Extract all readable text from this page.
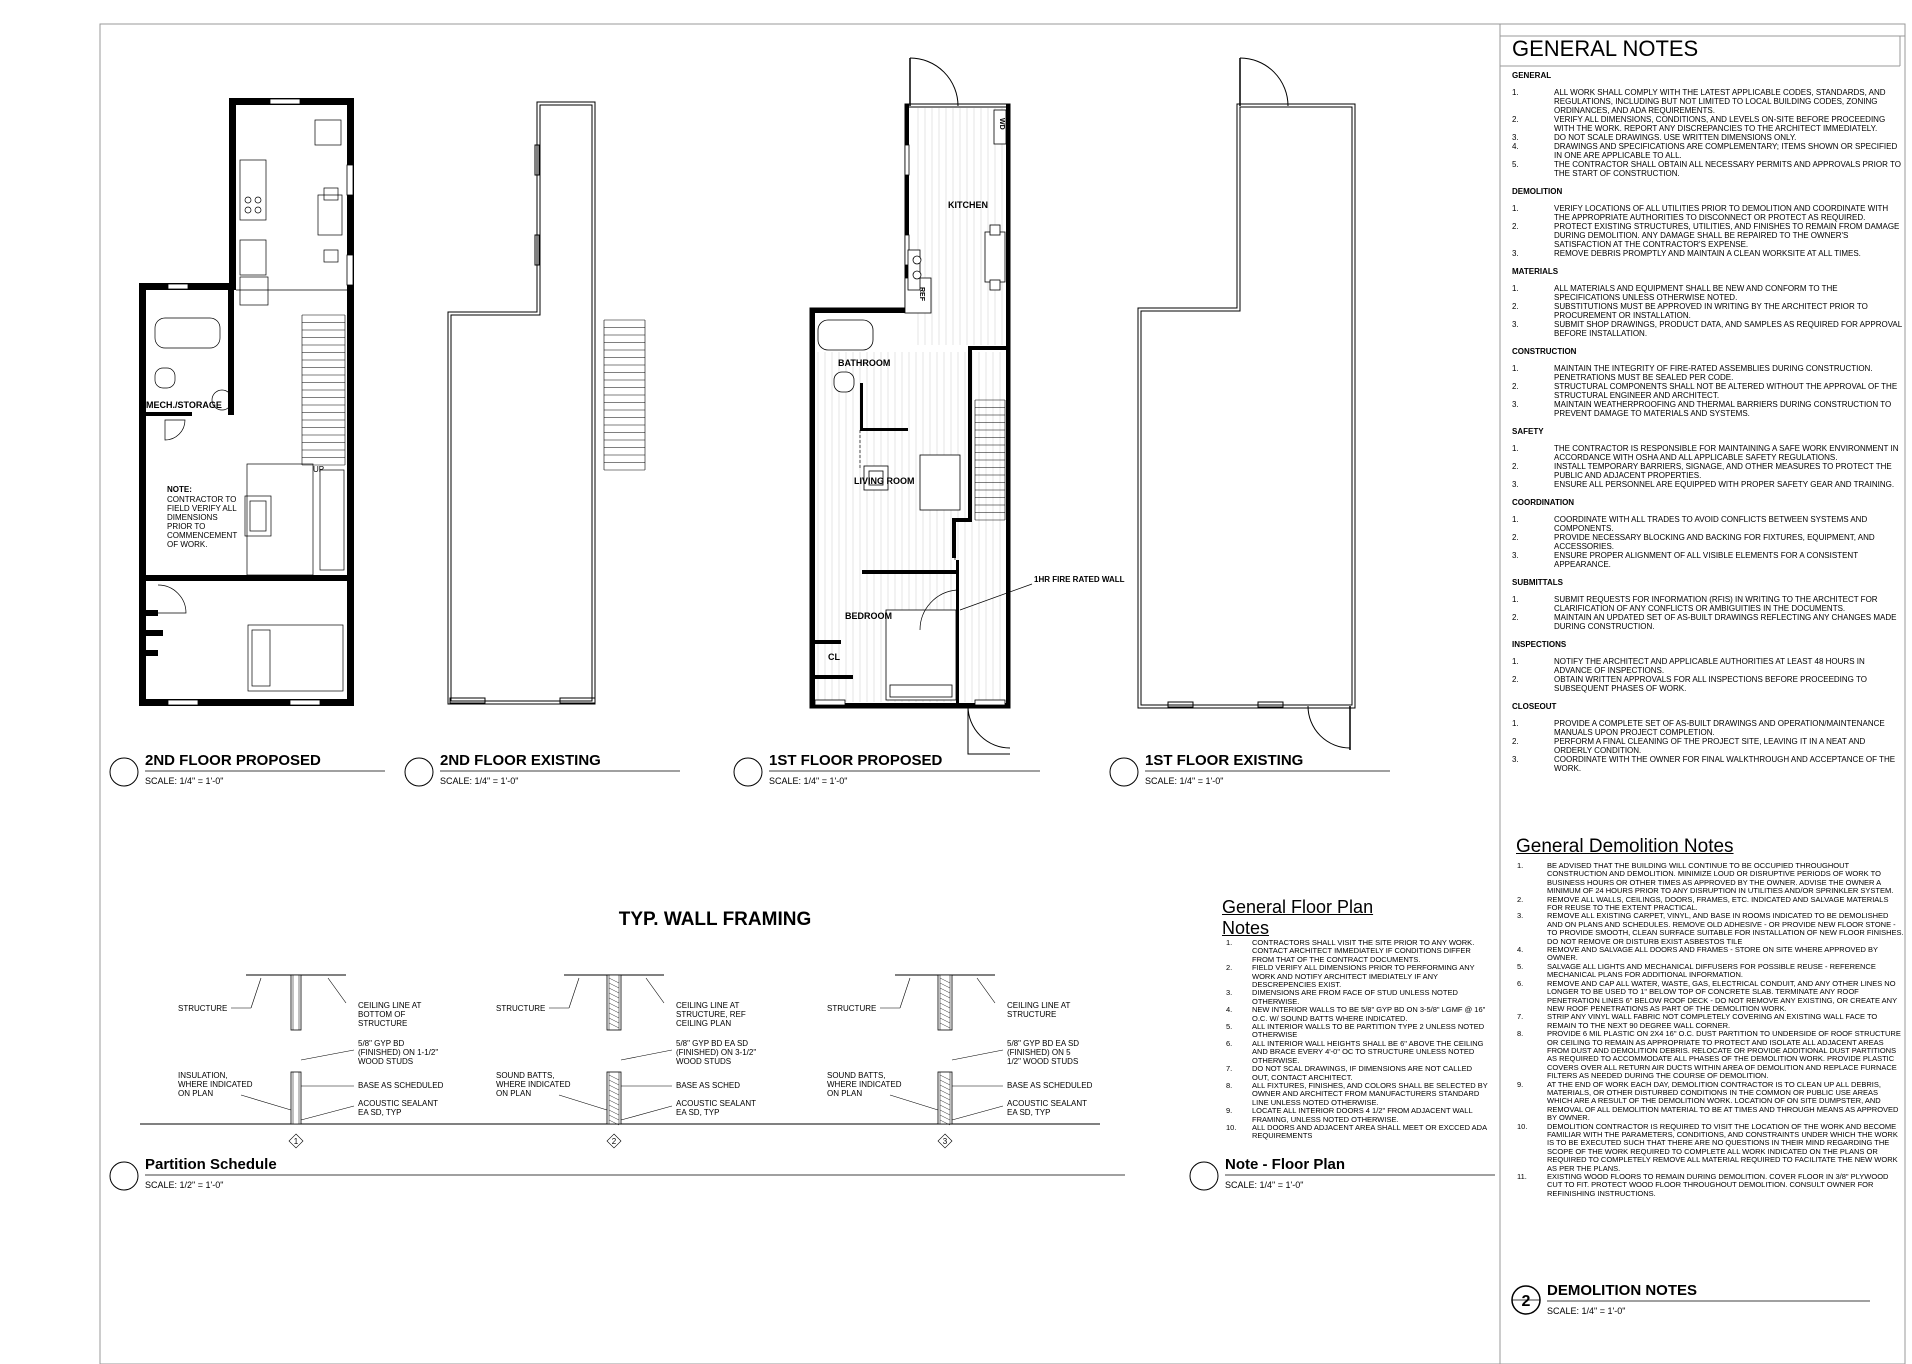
MECH./STORAGE
UP
NOTE:
CONTRACTOR TO
FIELD VERIFY ALL
DIMENSIONS
PRIOR TO
COMMENCEMENT
OF WORK.
KITCHEN
WD
REF
BATHROOM
LIVING ROOM
BEDROOM
CL
1HR FIRE RATED WALL
2ND FLOOR PROPOSED
SCALE: 1/4" = 1'-0"
2ND FLOOR EXISTING
SCALE: 1/4" = 1'-0"
1ST FLOOR PROPOSED
SCALE: 1/4" = 1'-0"
1ST FLOOR EXISTING
SCALE: 1/4" = 1'-0"
TYP. WALL FRAMING
1
STRUCTURE	CEILING LINE AT
BOTTOM OF
STRUCTURE
5/8" GYP BD
(FINISHED) ON 1-1/2"
WOOD STUDS
INSULATION,
WHERE INDICATED
ON PLAN
BASE AS SCHEDULED
ACOUSTIC SEALANT
EA SD, TYP
2
STRUCTURE	CEILING LINE AT
STRUCTURE, REF
CEILING PLAN
5/8" GYP BD EA SD
(FINISHED) ON 3-1/2"
WOOD STUDS
SOUND BATTS,
WHERE INDICATED
ON PLAN
BASE AS SCHED
ACOUSTIC SEALANT
EA SD, TYP
3
STRUCTURE	CEILING LINE AT
STRUCTURE
5/8" GYP BD EA SD
(FINISHED) ON 5
1/2" WOOD STUDS
SOUND BATTS,
WHERE INDICATED
ON PLAN
BASE AS SCHEDULED
ACOUSTIC SEALANT
EA SD, TYP
Partition Schedule
SCALE: 1/2" = 1'-0"
Note - Floor Plan
SCALE: 1/4" = 1'-0"
2
DEMOLITION NOTES
SCALE: 1/4" = 1'-0"
GENERAL NOTES
GENERAL
1.	ALL WORK SHALL COMPLY WITH THE LATEST APPLICABLE CODES, STANDARDS, AND REGULATIONS, INCLUDING BUT NOT LIMITED TO LOCAL BUILDING CODES, ZONING ORDINANCES, AND ADA REQUIREMENTS.
2.	VERIFY ALL DIMENSIONS, CONDITIONS, AND LEVELS ON-SITE BEFORE PROCEEDING WITH THE WORK. REPORT ANY DISCREPANCIES TO THE ARCHITECT IMMEDIATELY.
3.	DO NOT SCALE DRAWINGS. USE WRITTEN DIMENSIONS ONLY.
4.	DRAWINGS AND SPECIFICATIONS ARE COMPLEMENTARY; ITEMS SHOWN OR SPECIFIED IN ONE ARE APPLICABLE TO ALL.
5.	THE CONTRACTOR SHALL OBTAIN ALL NECESSARY PERMITS AND APPROVALS PRIOR TO THE START OF CONSTRUCTION.
DEMOLITION
1.	VERIFY LOCATIONS OF ALL UTILITIES PRIOR TO DEMOLITION AND COORDINATE WITH THE APPROPRIATE AUTHORITIES TO DISCONNECT OR PROTECT AS REQUIRED.
2.	PROTECT EXISTING STRUCTURES, UTILITIES, AND FINISHES TO REMAIN FROM DAMAGE DURING DEMOLITION. ANY DAMAGE SHALL BE REPAIRED TO THE OWNER'S SATISFACTION AT THE CONTRACTOR'S EXPENSE.
3.	REMOVE DEBRIS PROMPTLY AND MAINTAIN A CLEAN WORKSITE AT ALL TIMES.
MATERIALS
1.	ALL MATERIALS AND EQUIPMENT SHALL BE NEW AND CONFORM TO THE SPECIFICATIONS UNLESS OTHERWISE NOTED.
2.	SUBSTITUTIONS MUST BE APPROVED IN WRITING BY THE ARCHITECT PRIOR TO PROCUREMENT OR INSTALLATION.
3.	SUBMIT SHOP DRAWINGS, PRODUCT DATA, AND SAMPLES AS REQUIRED FOR APPROVAL BEFORE INSTALLATION.
CONSTRUCTION
1.	MAINTAIN THE INTEGRITY OF FIRE-RATED ASSEMBLIES DURING CONSTRUCTION. PENETRATIONS MUST BE SEALED PER CODE.
2.	STRUCTURAL COMPONENTS SHALL NOT BE ALTERED WITHOUT THE APPROVAL OF THE STRUCTURAL ENGINEER AND ARCHITECT.
3.	MAINTAIN WEATHERPROOFING AND THERMAL BARRIERS DURING CONSTRUCTION TO PREVENT DAMAGE TO MATERIALS AND SYSTEMS.
SAFETY
1.	THE CONTRACTOR IS RESPONSIBLE FOR MAINTAINING A SAFE WORK ENVIRONMENT IN ACCORDANCE WITH OSHA AND ALL APPLICABLE SAFETY REGULATIONS.
2.	INSTALL TEMPORARY BARRIERS, SIGNAGE, AND OTHER MEASURES TO PROTECT THE PUBLIC AND ADJACENT PROPERTIES.
3.	ENSURE ALL PERSONNEL ARE EQUIPPED WITH PROPER SAFETY GEAR AND TRAINING.
COORDINATION
1.	COORDINATE WITH ALL TRADES TO AVOID CONFLICTS BETWEEN SYSTEMS AND COMPONENTS.
2.	PROVIDE NECESSARY BLOCKING AND BACKING FOR FIXTURES, EQUIPMENT, AND ACCESSORIES.
3.	ENSURE PROPER ALIGNMENT OF ALL VISIBLE ELEMENTS FOR A CONSISTENT APPEARANCE.
SUBMITTALS
1.	SUBMIT REQUESTS FOR INFORMATION (RFIS) IN WRITING TO THE ARCHITECT FOR CLARIFICATION OF ANY CONFLICTS OR AMBIGUITIES IN THE DOCUMENTS.
2.	MAINTAIN AN UPDATED SET OF AS-BUILT DRAWINGS REFLECTING ANY CHANGES MADE DURING CONSTRUCTION.
INSPECTIONS
1.	NOTIFY THE ARCHITECT AND APPLICABLE AUTHORITIES AT LEAST 48 HOURS IN ADVANCE OF INSPECTIONS.
2.	OBTAIN WRITTEN APPROVALS FOR ALL INSPECTIONS BEFORE PROCEEDING TO SUBSEQUENT PHASES OF WORK.
CLOSEOUT
1.	PROVIDE A COMPLETE SET OF AS-BUILT DRAWINGS AND OPERATION/MAINTENANCE MANUALS UPON PROJECT COMPLETION.
2.	PERFORM A FINAL CLEANING OF THE PROJECT SITE, LEAVING IT IN A NEAT AND ORDERLY CONDITION.
3.	COORDINATE WITH THE OWNER FOR FINAL WALKTHROUGH AND ACCEPTANCE OF THE WORK.
General Demolition Notes
1.	BE ADVISED THAT THE BUILDING WILL CONTINUE TO BE OCCUPIED THROUGHOUT CONSTRUCTION AND DEMOLITION. MINIMIZE LOUD OR DISRUPTIVE PERIODS OF WORK TO BUSINESS HOURS OR OTHER TIMES AS APPROVED BY THE OWNER. ADVISE THE OWNER A MINIMUM OF 24 HOURS PRIOR TO ANY DISRUPTION IN UTILITIES AND/OR SPRINKLER SYSTEM.
2.	REMOVE ALL WALLS, CEILINGS, DOORS, FRAMES, ETC. INDICATED AND SALVAGE MATERIALS FOR REUSE TO THE EXTENT PRACTICAL.
3.	REMOVE ALL EXISTING CARPET, VINYL, AND BASE IN ROOMS INDICATED TO BE DEMOLISHED AND ON PLANS AND SCHEDULES. REMOVE OLD ADHESIVE - OR PROVIDE NEW FLOOR STONE - TO PROVIDE SMOOTH, CLEAN SURFACE SUITABLE FOR INSTALLATION OF NEW FLOOR FINISHES. DO NOT REMOVE OR DISTURB EXIST ASBESTOS TILE
4.	REMOVE AND SALVAGE ALL DOORS AND FRAMES - STORE ON SITE WHERE APPROVED BY OWNER.
5.	SALVAGE ALL LIGHTS AND MECHANICAL DIFFUSERS FOR POSSIBLE REUSE - REFERENCE MECHANICAL PLANS FOR ADDITIONAL INFORMATION.
6.	REMOVE AND CAP ALL WATER, WASTE, GAS, ELECTRICAL CONDUIT, AND ANY OTHER LINES NO LONGER TO BE USED TO 1" BELOW TOP OF CONCRETE SLAB. TERMINATE ANY ROOF PENETRATION LINES 6" BELOW ROOF DECK - DO NOT REMOVE ANY EXISTING, OR CREATE ANY NEW ROOF PENETRATIONS AS PART OF THE DEMOLITION WORK.
7.	STRIP ANY VINYL WALL FABRIC NOT COMPLETELY COVERING AN EXISTING WALL FACE TO REMAIN TO THE NEXT 90 DEGREE WALL CORNER.
8.	PROVIDE 6 MIL PLASTIC ON 2X4 16" O.C. DUST PARTITION TO UNDERSIDE OF ROOF STRUCTURE OR CEILING TO REMAIN AS APPROPRIATE TO PROTECT AND ISOLATE ALL ADJACENT AREAS FROM DUST AND DEMOLITION DEBRIS. RELOCATE OR PROVIDE ADDITIONAL DUST PARTITIONS AS REQUIRED TO ACCOMMODATE ALL PHASES OF THE DEMOLITION WORK. PROVIDE PLASTIC COVERS OVER ALL RETURN AIR DUCTS WITHIN AREA OF DEMOLITION AND REPLACE FURNACE FILTERS AS NEEDED DURING THE COURSE OF DEMOLITION.
9.	AT THE END OF WORK EACH DAY, DEMOLITION CONTRACTOR IS TO CLEAN UP ALL DEBRIS, MATERIALS, OR OTHER DISTURBED CONDITIONS IN THE COMMON OR PUBLIC USE AREAS WHICH ARE A RESULT OF THE DEMOLITION WORK. LOCATION OF ON SITE DUMPSTER, AND REMOVAL OF ALL DEMOLITION MATERIAL TO BE AT TIMES AND THROUGH MEANS AS APPROVED BY OWNER.
10.	DEMOLITION CONTRACTOR IS REQUIRED TO VISIT THE LOCATION OF THE WORK AND BECOME FAMILIAR WITH THE PARAMETERS, CONDITIONS, AND CONSTRAINTS UNDER WHICH THE WORK IS TO BE EXECUTED SUCH THAT THERE ARE NO QUESTIONS IN THEIR MIND REGARDING THE SCOPE OF THE WORK REQUIRED TO COMPLETE ALL WORK INDICATED ON THE PLANS OR REQUIRED TO COMPLETELY REMOVE ALL MATERIAL REQUIRED TO FACILITATE THE NEW WORK AS PER THE PLANS.
11.	EXISTING WOOD FLOORS TO REMAIN DURING DEMOLITION. COVER FLOOR IN 3/8" PLYWOOD CUT TO FIT. PROTECT WOOD FLOOR THROUGHOUT DEMOLITION. CONSULT OWNER FOR REFINISHING INSTRUCTIONS.
General Floor Plan Notes
1.	CONTRACTORS SHALL VISIT THE SITE PRIOR TO ANY WORK. CONTACT ARCHITECT IMMEDIATELY IF CONDITIONS DIFFER FROM THAT OF THE CONTRACT DOCUMENTS.
2.	FIELD VERIFY ALL DIMENSIONS PRIOR TO PERFORMING ANY WORK AND NOTIFY ARCHITECT IMEDIATELY IF ANY DESCREPENCIES EXIST.
3.	DIMENSIONS ARE FROM FACE OF STUD UNLESS NOTED OTHERWISE.
4.	NEW INTERIOR WALLS TO BE 5/8" GYP BD ON 3-5/8" LGMF @ 16" O.C. W/ SOUND BATTS WHERE INDICATED.
5.	ALL INTERIOR WALLS TO BE PARTITION TYPE 2 UNLESS NOTED OTHERWISE
6.	ALL INTERIOR WALL HEIGHTS SHALL BE 6" ABOVE THE CEILING AND BRACE EVERY 4'-0" OC TO STRUCTURE UNLESS NOTED OTHERWISE.
7.	DO NOT SCAL DRAWINGS, IF DIMENSIONS ARE NOT CALLED OUT, CONTACT ARCHITECT.
8.	ALL FIXTURES, FINISHES, AND COLORS SHALL BE SELECTED BY OWNER AND ARCHITECT FROM MANUFACTURERS STANDARD LINE UNLESS NOTED OTHERWISE.
9.	LOCATE ALL INTERIOR DOORS 4 1/2" FROM ADJACENT WALL FRAMING, UNLESS NOTED OTHERWISE.
10. ALL DOORS AND ADJACENT AREA SHALL MEET OR EXCCED ADA REQUIREMENTS
